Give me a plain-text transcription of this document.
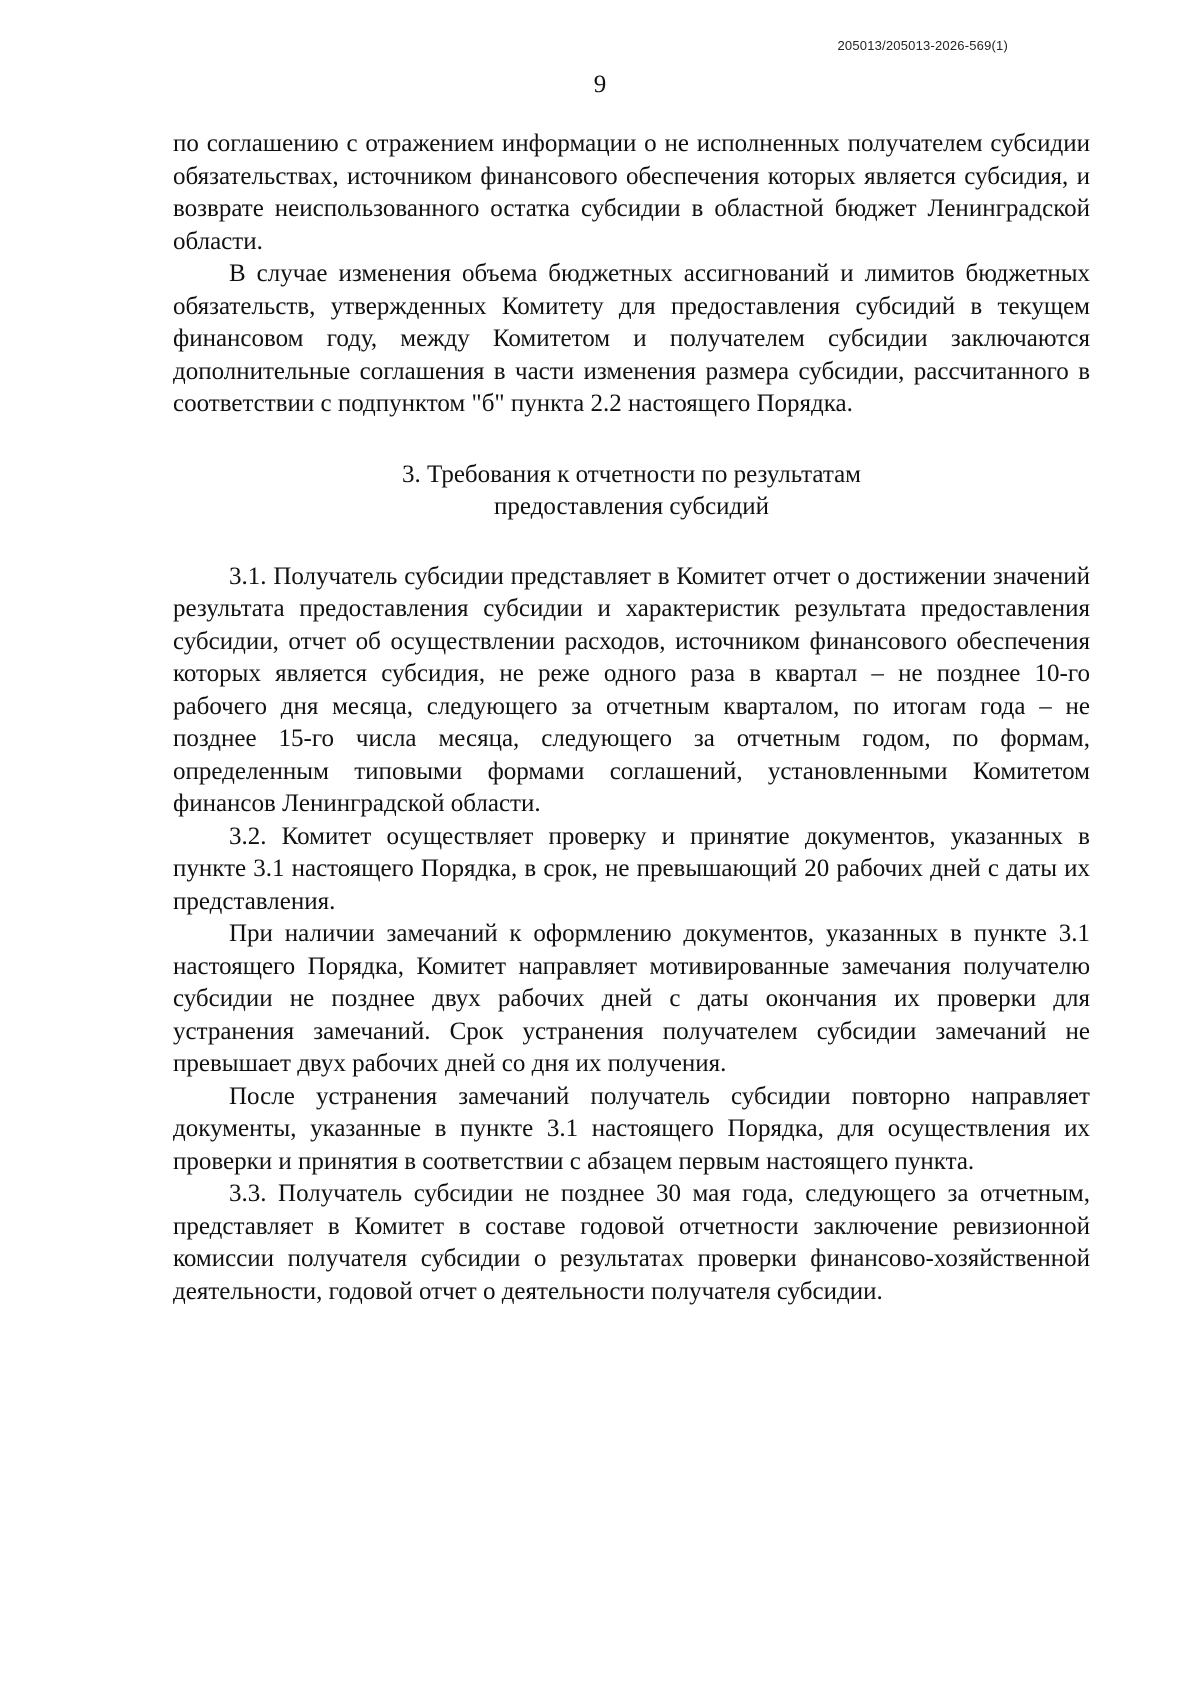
205013/205013-2026-569(1)
9

по соглашению с отражением информации о не исполненных получателем субсидии обязательствах, источником финансового обеспечения которых является субсидия, и возврате неиспользованного остатка субсидии в областной бюджет Ленинградской области.

В случае изменения объема бюджетных ассигнований и лимитов бюджетных обязательств, утвержденных Комитету для предоставления субсидий в текущем финансовом году, между Комитетом и получателем субсидии заключаются дополнительные соглашения в части изменения размера субсидии, рассчитанного в соответствии с подпунктом "б" пункта 2.2 настоящего Порядка.

3. Требования к отчетности по результатам
предоставления субсидий

3.1. Получатель субсидии представляет в Комитет отчет о достижении значений результата предоставления субсидии и характеристик результата предоставления субсидии, отчет об осуществлении расходов, источником финансового обеспечения которых является субсидия, не реже одного раза в квартал – не позднее 10-го рабочего дня месяца, следующего за отчетным кварталом, по итогам года – не позднее 15-го числа месяца, следующего за отчетным годом, по формам, определенным типовыми формами соглашений, установленными Комитетом финансов Ленинградской области.

3.2. Комитет осуществляет проверку и принятие документов, указанных в пункте 3.1 настоящего Порядка, в срок, не превышающий 20 рабочих дней с даты их представления.

При наличии замечаний к оформлению документов, указанных в пункте 3.1 настоящего Порядка, Комитет направляет мотивированные замечания получателю субсидии не позднее двух рабочих дней с даты окончания их проверки для устранения замечаний. Срок устранения получателем субсидии замечаний не превышает двух рабочих дней со дня их получения.

После устранения замечаний получатель субсидии повторно направляет документы, указанные в пункте 3.1 настоящего Порядка, для осуществления их проверки и принятия в соответствии с абзацем первым настоящего пункта.

3.3. Получатель субсидии не позднее 30 мая года, следующего за отчетным, представляет в Комитет в составе годовой отчетности заключение ревизионной комиссии получателя субсидии о результатах проверки финансово-хозяйственной деятельности, годовой отчет о деятельности получателя субсидии.
